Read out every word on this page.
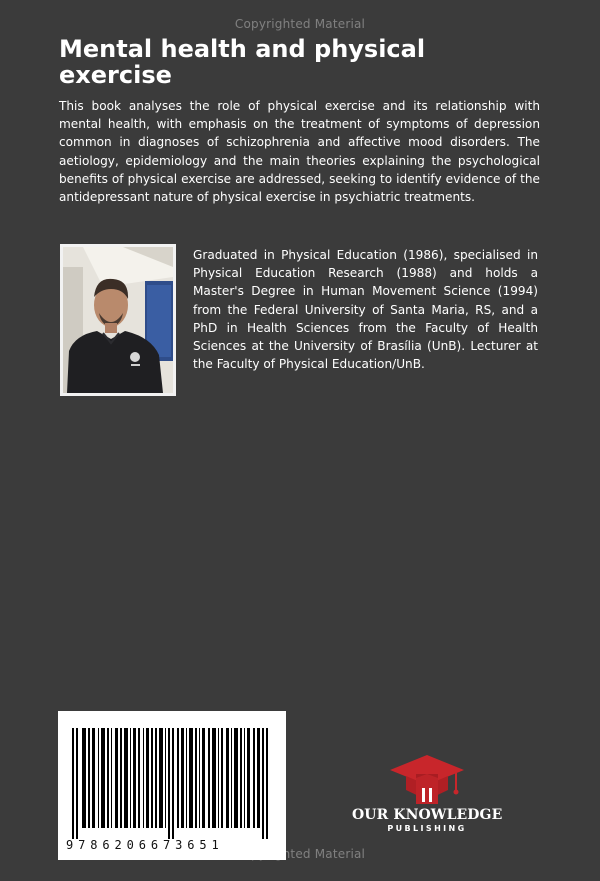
Copyrighted Material
Mental health and physical exercise

This book analyses the role of physical exercise and its relationship with mental health, with emphasis on the treatment of symptoms of depression common in diagnoses of schizophrenia and affective mood disorders. The aetiology, epidemiology and the main theories explaining the psychological benefits of physical exercise are addressed, seeking to identify evidence of the antidepressant nature of physical exercise in psychiatric treatments.

Graduated in Physical Education (1986), specialised in Physical Education Research (1988) and holds a Master's Degree in Human Movement Science (1994) from the Federal University of Santa Maria, RS, and a PhD in Health Sciences from the Faculty of Health Sciences at the University of Brasília (UnB). Lecturer at the Faculty of Physical Education/UnB.

9786206673651
OUR KNOWLEDGE
PUBLISHING
Copyrighted Material
